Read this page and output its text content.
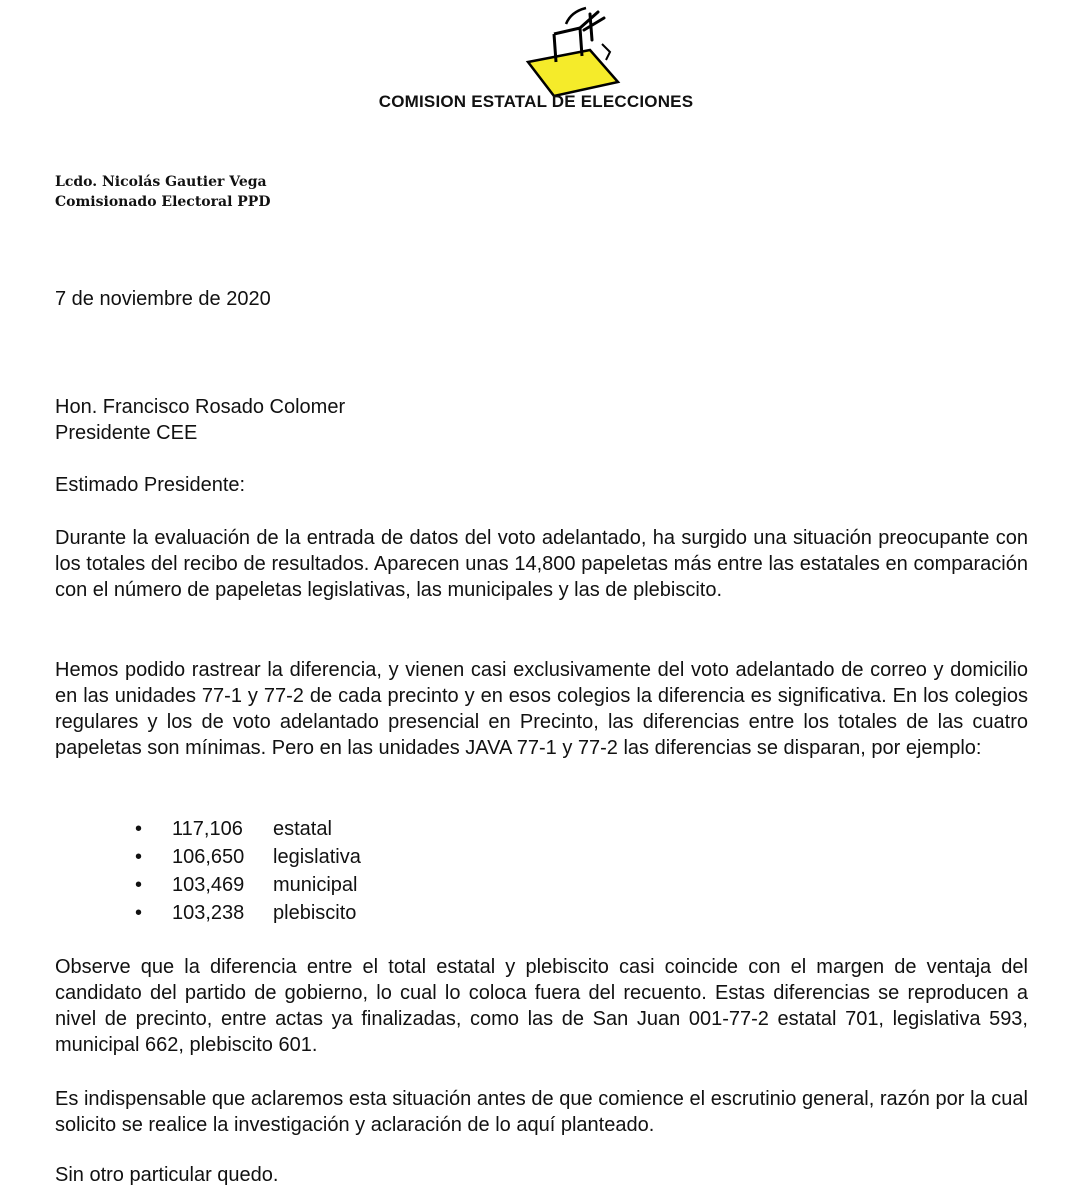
COMISION ESTATAL DE ELECCIONES
Lcdo. Nicolás Gautier Vega
Comisionado Electoral PPD
7 de noviembre de 2020
Hon. Francisco Rosado Colomer
Presidente CEE
Estimado Presidente:

Durante la evaluación de la entrada de datos del voto adelantado, ha surgido una situación preocupante con los totales del recibo de resultados. Aparecen unas 14,800 papeletas más entre las estatales en comparación con el número de papeletas legislativas, las municipales y las de plebiscito.

Hemos podido rastrear la diferencia, y vienen casi exclusivamente del voto adelantado de correo y domicilio en las unidades 77-1 y 77-2 de cada precinto y en esos colegios la diferencia es significativa. En los colegios regulares y los de voto adelantado presencial en Precinto, las diferencias entre los totales de las cuatro papeletas son mínimas. Pero en las unidades JAVA 77-1 y 77-2 las diferencias se disparan, por ejemplo:

• 117,106 estatal
• 106,650 legislativa
• 103,469 municipal
• 103,238 plebiscito

Observe que la diferencia entre el total estatal y plebiscito casi coincide con el margen de ventaja del candidato del partido de gobierno, lo cual lo coloca fuera del recuento. Estas diferencias se reproducen a nivel de precinto, entre actas ya finalizadas, como las de San Juan 001-77-2 estatal 701, legislativa 593, municipal 662, plebiscito 601.

Es indispensable que aclaremos esta situación antes de que comience el escrutinio general, razón por la cual solicito se realice la investigación y aclaración de lo aquí planteado.

Sin otro particular quedo.
